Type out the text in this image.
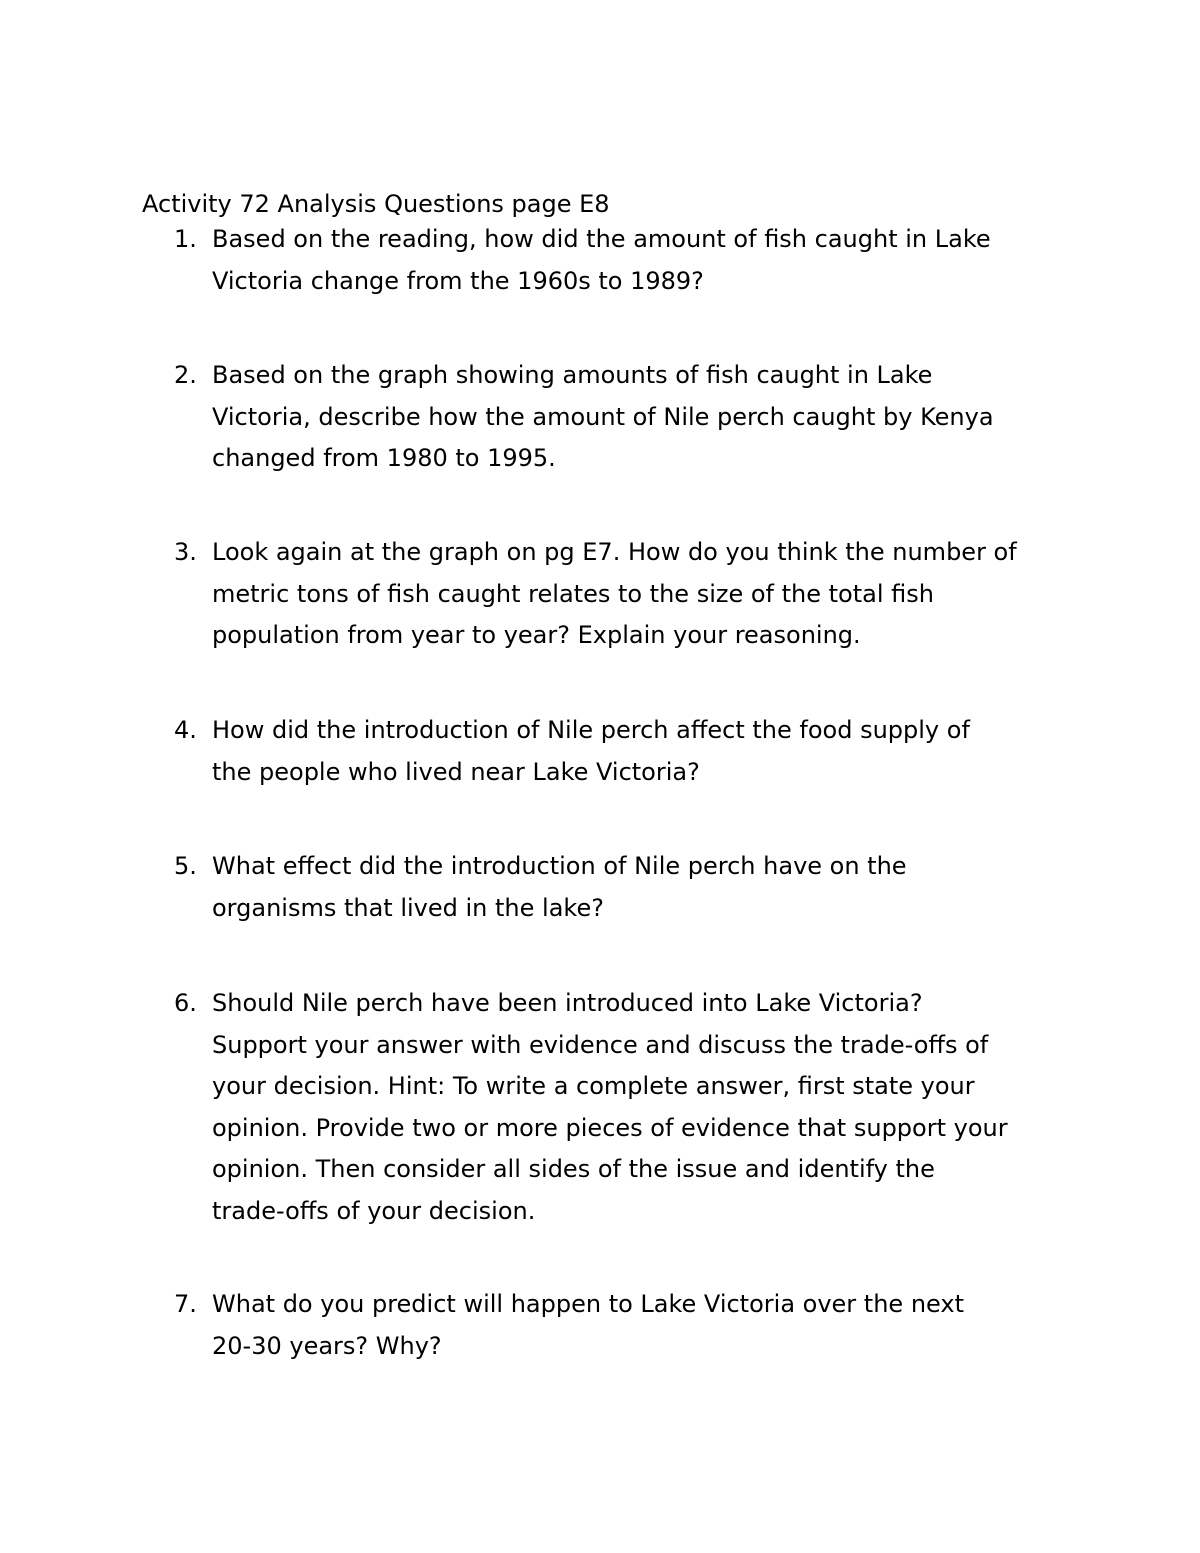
Activity 72 Analysis Questions page E8
1. Based on the reading, how did the amount of fish caught in Lake
Victoria change from the 1960s to 1989?
2. Based on the graph showing amounts of fish caught in Lake
Victoria, describe how the amount of Nile perch caught by Kenya
changed from 1980 to 1995.
3. Look again at the graph on pg E7. How do you think the number of
metric tons of fish caught relates to the size of the total fish
population from year to year? Explain your reasoning.
4. How did the introduction of Nile perch affect the food supply of
the people who lived near Lake Victoria?
5. What effect did the introduction of Nile perch have on the
organisms that lived in the lake?
6. Should Nile perch have been introduced into Lake Victoria?
Support your answer with evidence and discuss the trade-offs of
your decision. Hint: To write a complete answer, first state your
opinion. Provide two or more pieces of evidence that support your
opinion. Then consider all sides of the issue and identify the
trade-offs of your decision.
7. What do you predict will happen to Lake Victoria over the next
20-30 years? Why?
